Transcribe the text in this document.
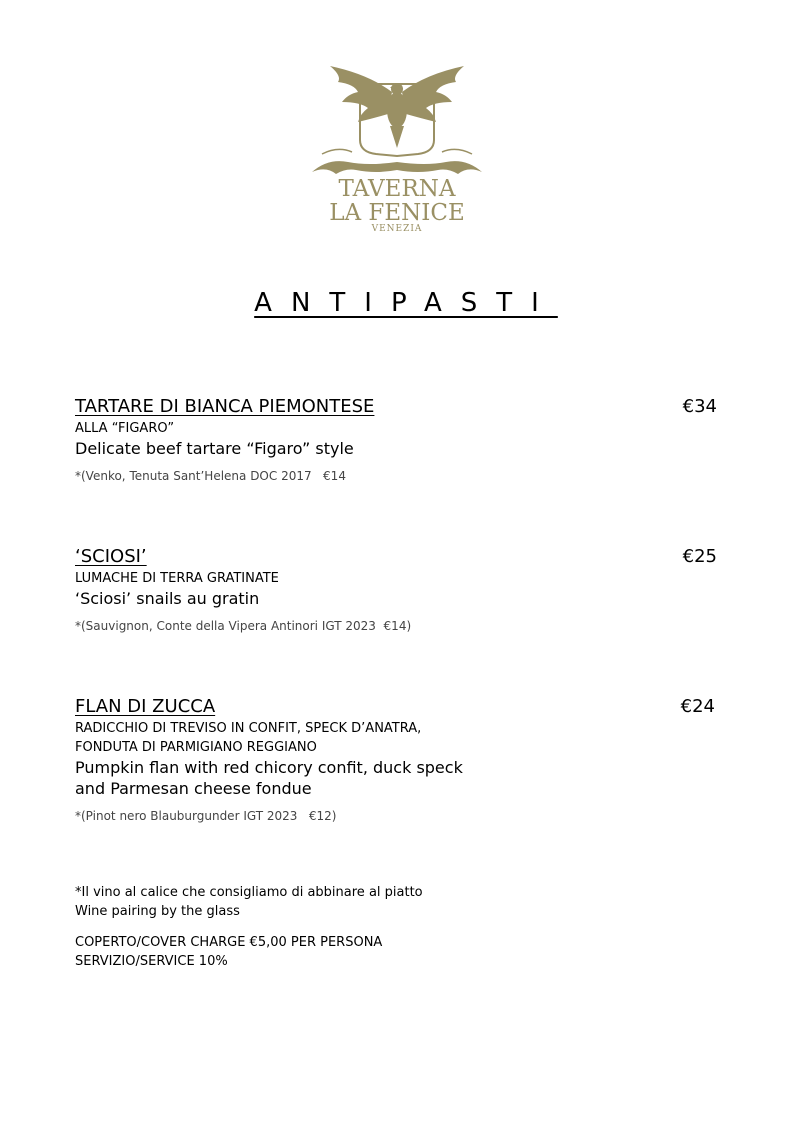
TAVERNA
LA FENICE
VENEZIA
ANTIPASTI
TARTARE DI BIANCA PIEMONTESE	€34
ALLA “FIGARO”
Delicate beef tartare “Figaro” style
*(Venko, Tenuta Sant’Helena DOC 2017   €14
‘SCIOSI’	€25
LUMACHE DI TERRA GRATINATE
‘Sciosi’ snails au gratin
*(Sauvignon, Conte della Vipera Antinori IGT 2023  €14)
FLAN DI ZUCCA	€24
RADICCHIO DI TREVISO IN CONFIT, SPECK D’ANATRA,
FONDUTA DI PARMIGIANO REGGIANO
Pumpkin flan with red chicory confit, duck speck
and Parmesan cheese fondue
*(Pinot nero Blauburgunder IGT 2023   €12)
*Il vino al calice che consigliamo di abbinare al piatto
Wine pairing by the glass
COPERTO/COVER CHARGE €5,00 PER PERSONA
SERVIZIO/SERVICE 10%
